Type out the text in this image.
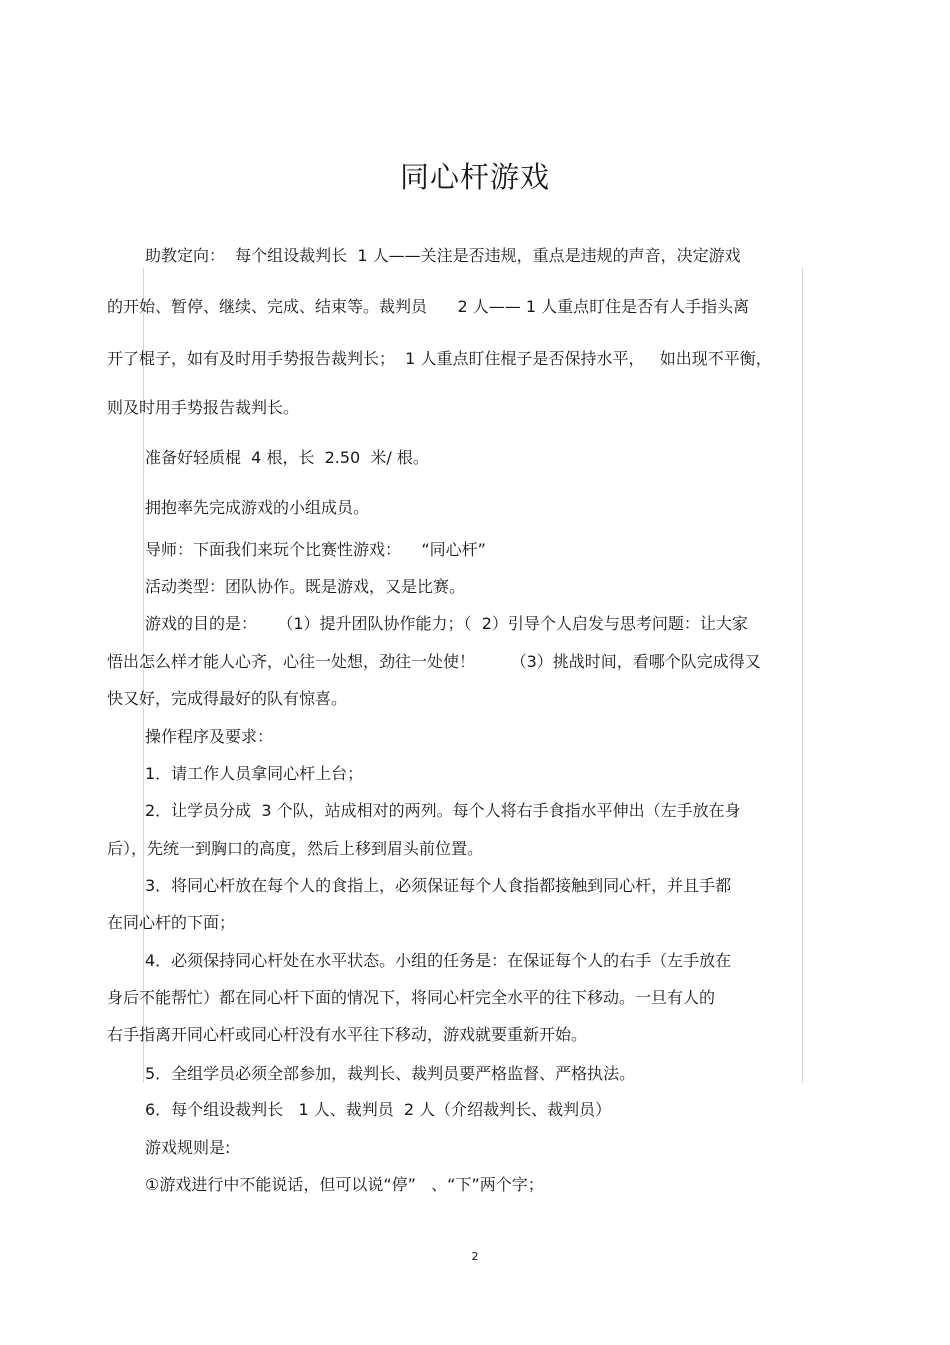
同心杆游戏
助教定向：  每个组设裁判长  1 人——关注是否违规，重点是违规的声音，决定游戏
的开始、暂停、继续、完成、结束等。裁判员      2 人—— 1 人重点盯住是否有人手指头离
开了棍子，如有及时用手势报告裁判长；  1 人重点盯住棍子是否保持水平，   如出现不平衡，
则及时用手势报告裁判长。
准备好轻质棍  4 根，长  2.50  米/ 根。
拥抱率先完成游戏的小组成员。
导师：下面我们来玩个比赛性游戏：    “同心杆”
活动类型：团队协作。既是游戏，又是比赛。
游戏的目的是：    （1）提升团队协作能力；（  2）引导个人启发与思考问题：让大家
悟出怎么样才能人心齐，心往一处想，劲往一处使！       （3）挑战时间，看哪个队完成得又
快又好，完成得最好的队有惊喜。
操作程序及要求：
1．请工作人员拿同心杆上台；
2．让学员分成  3 个队，站成相对的两列。每个人将右手食指水平伸出（左手放在身
后），先统一到胸口的高度，然后上移到眉头前位置。
3．将同心杆放在每个人的食指上，必须保证每个人食指都接触到同心杆，并且手都
在同心杆的下面；
4．必须保持同心杆处在水平状态。小组的任务是：在保证每个人的右手（左手放在
身后不能帮忙）都在同心杆下面的情况下，将同心杆完全水平的往下移动。一旦有人的
右手指离开同心杆或同心杆没有水平往下移动，游戏就要重新开始。
5．全组学员必须全部参加，裁判长、裁判员要严格监督、严格执法。
6．每个组设裁判长   1 人、裁判员  2 人（介绍裁判长、裁判员）
游戏规则是:
①游戏进行中不能说话，但可以说“停”   、“下”两个字；
2
